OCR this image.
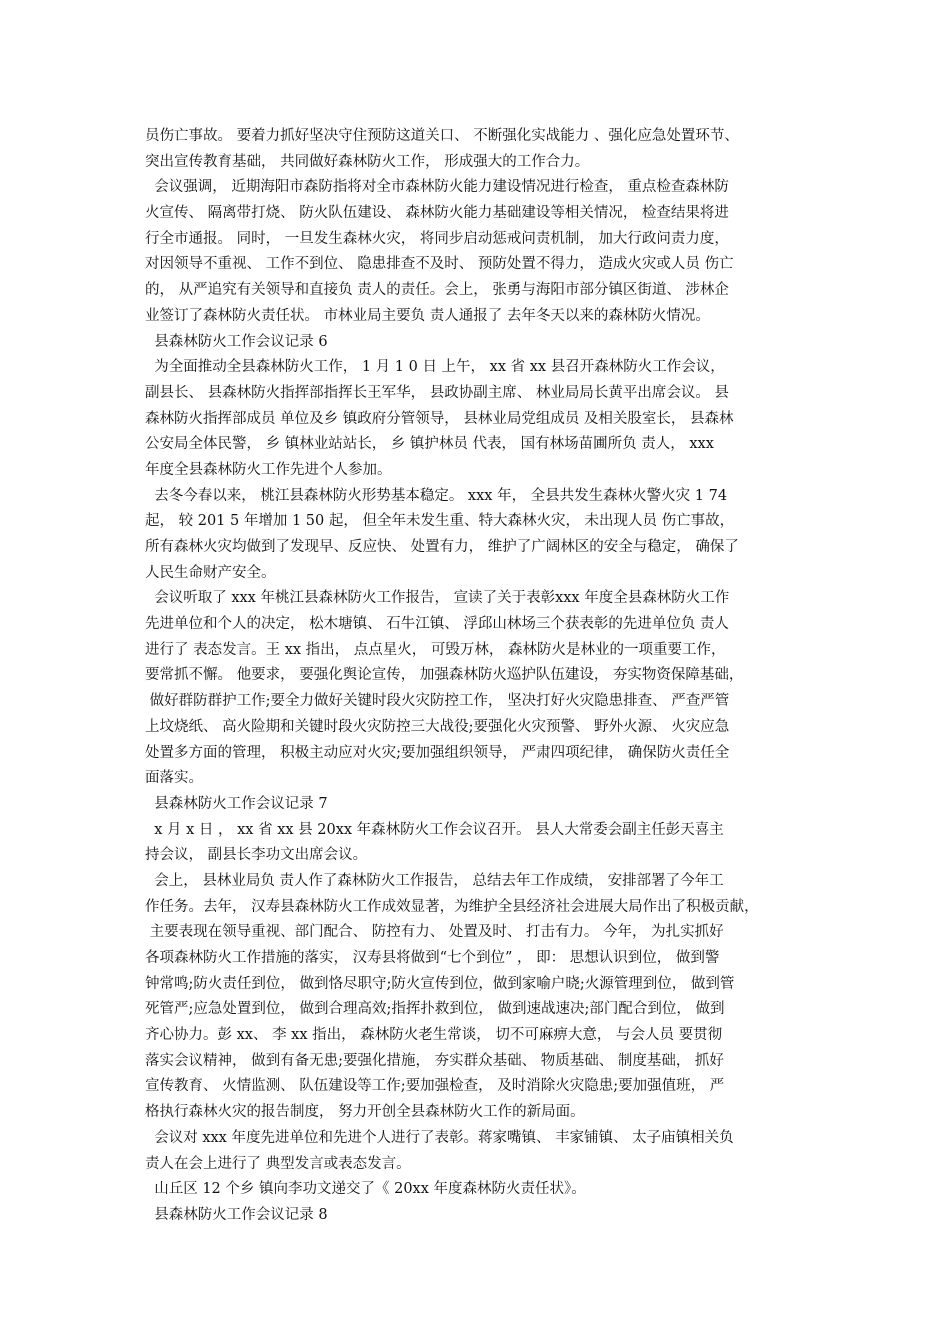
员伤亡事故。 要着力抓好坚决守住预防这道关口、 不断强化实战能力 、强化应急处置环节、
突出宣传教育基础， 共同做好森林防火工作， 形成强大的工作合力。
会议强调， 近期海阳市森防指将对全市森林防火能力建设情况进行检查， 重点检查森林防
火宣传、 隔离带打烧、 防火队伍建设、 森林防火能力基础建设等相关情况， 检查结果将进
行全市通报。 同时， 一旦发生森林火灾， 将同步启动惩戒问责机制， 加大行政问责力度，
对因领导不重视、 工作不到位、 隐患排查不及时、 预防处置不得力， 造成火灾或人员 伤亡
的， 从严追究有关领导和直接负 责人的责任。会上， 张勇与海阳市部分镇区街道、 涉林企
业签订了森林防火责任状。 市林业局主要负 责人通报了 去年冬天以来的森林防火情况。
县森林防火工作会议记录 6
为全面推动全县森林防火工作， 1 月 1 0 日 上午， xx 省 xx 县召开森林防火工作会议，
副县长、 县森林防火指挥部指挥长王军华， 县政协副主席、 林业局局长黄平出席会议。 县
森林防火指挥部成员 单位及乡 镇政府分管领导， 县林业局党组成员 及相关股室长， 县森林
公安局全体民警， 乡 镇林业站站长， 乡 镇护林员 代表， 国有林场苗圃所负 责人， xxx
年度全县森林防火工作先进个人参加。
去冬今春以来， 桃江县森林防火形势基本稳定。 xxx 年， 全县共发生森林火警火灾 1 74
起， 较 201 5 年增加 1 50 起， 但全年未发生重、特大森林火灾， 未出现人员 伤亡事故，
所有森林火灾均做到了发现早、反应快、 处置有力， 维护了广阔林区的安全与稳定， 确保了
人民生命财产安全。
会议听取了 xxx 年桃江县森林防火工作报告， 宣读了关于表彰xxx 年度全县森林防火工作
先进单位和个人的决定， 松木塘镇、 石牛江镇、 浮邱山林场三个获表彰的先进单位负 责人
进行了 表态发言。王 xx 指出， 点点星火， 可毁万林， 森林防火是林业的一项重要工作，
要常抓不懈。 他要求， 要强化舆论宣传， 加强森林防火巡护队伍建设， 夯实物资保障基础，
做好群防群护工作;要全力做好关键时段火灾防控工作， 坚决打好火灾隐患排查、 严查严管
上坟烧纸、 高火险期和关键时段火灾防控三大战役;要强化火灾预警、 野外火源、 火灾应急
处置多方面的管理， 积极主动应对火灾;要加强组织领导， 严肃四项纪律， 确保防火责任全
面落实。
县森林防火工作会议记录 7
x 月 x 日 ， xx 省 xx 县 20xx 年森林防火工作会议召开。 县人大常委会副主任彭天喜主
持会议， 副县长李功文出席会议。
会上， 县林业局负 责人作了森林防火工作报告， 总结去年工作成绩， 安排部署了今年工
作任务。去年， 汉寿县森林防火工作成效显著，为维护全县经济社会进展大局作出了积极贡献，
主要表现在领导重视、部门配合、 防控有力、 处置及时、 打击有力。 今年， 为扎实抓好
各项森林防火工作措施的落实， 汉寿县将做到“七个到位” ， 即： 思想认识到位， 做到警
钟常鸣;防火责任到位， 做到恪尽职守;防火宣传到位，做到家喻户晓;火源管理到位， 做到管
死管严;应急处置到位， 做到合理高效;指挥扑救到位， 做到速战速决;部门配合到位， 做到
齐心协力。彭 xx、 李 xx 指出， 森林防火老生常谈， 切不可麻痹大意， 与会人员 要贯彻
落实会议精神， 做到有备无患;要强化措施， 夯实群众基础、 物质基础、 制度基础， 抓好
宣传教育、 火情监测、 队伍建设等工作;要加强检查， 及时消除火灾隐患;要加强值班， 严
格执行森林火灾的报告制度， 努力开创全县森林防火工作的新局面。
会议对 xxx 年度先进单位和先进个人进行了表彰。蒋家嘴镇、 丰家铺镇、 太子庙镇相关负
责人在会上进行了 典型发言或表态发言。
山丘区 12 个乡 镇向李功文递交了《 20xx 年度森林防火责任状》。
县森林防火工作会议记录 8
